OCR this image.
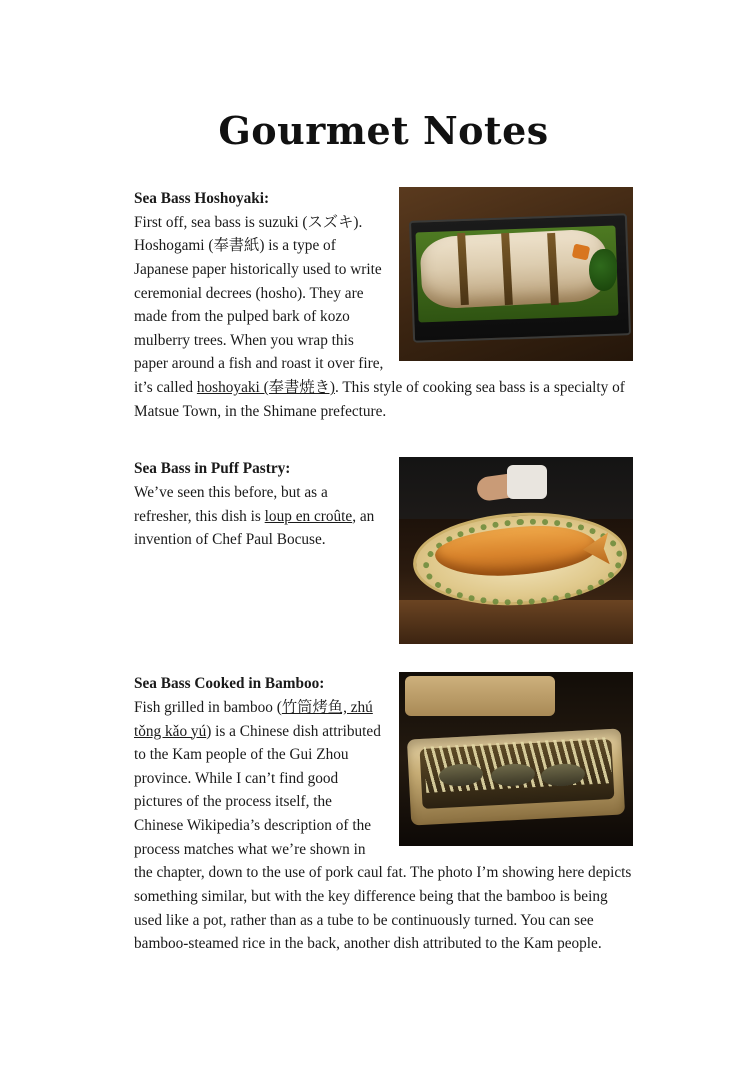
Gourmet Notes
Sea Bass Hoshoyaki:
First off, sea bass is suzuki (スズキ). Hoshogami (奉書紙) is a type of Japanese paper historically used to write ceremonial decrees (hosho). They are made from the pulped bark of kozo mulberry trees. When you wrap this paper around a fish and roast it over fire, it’s called hoshoyaki (奉書焼き). This style of cooking sea bass is a specialty of Matsue Town, in the Shimane prefecture.
Sea Bass in Puff Pastry:
We’ve seen this before, but as a refresher, this dish is loup en croûte, an invention of Chef Paul Bocuse.
Sea Bass Cooked in Bamboo:
Fish grilled in bamboo (竹筒烤鱼, zhú tǒng kǎo yú) is a Chinese dish attributed to the Kam people of the Gui Zhou province. While I can’t find good pictures of the process itself, the Chinese Wikipedia’s description of the process matches what we’re shown in the chapter, down to the use of pork caul fat. The photo I’m showing here depicts something similar, but with the key difference being that the bamboo is being used like a pot, rather than as a tube to be continuously turned. You can see bamboo-steamed rice in the back, another dish attributed to the Kam people.
